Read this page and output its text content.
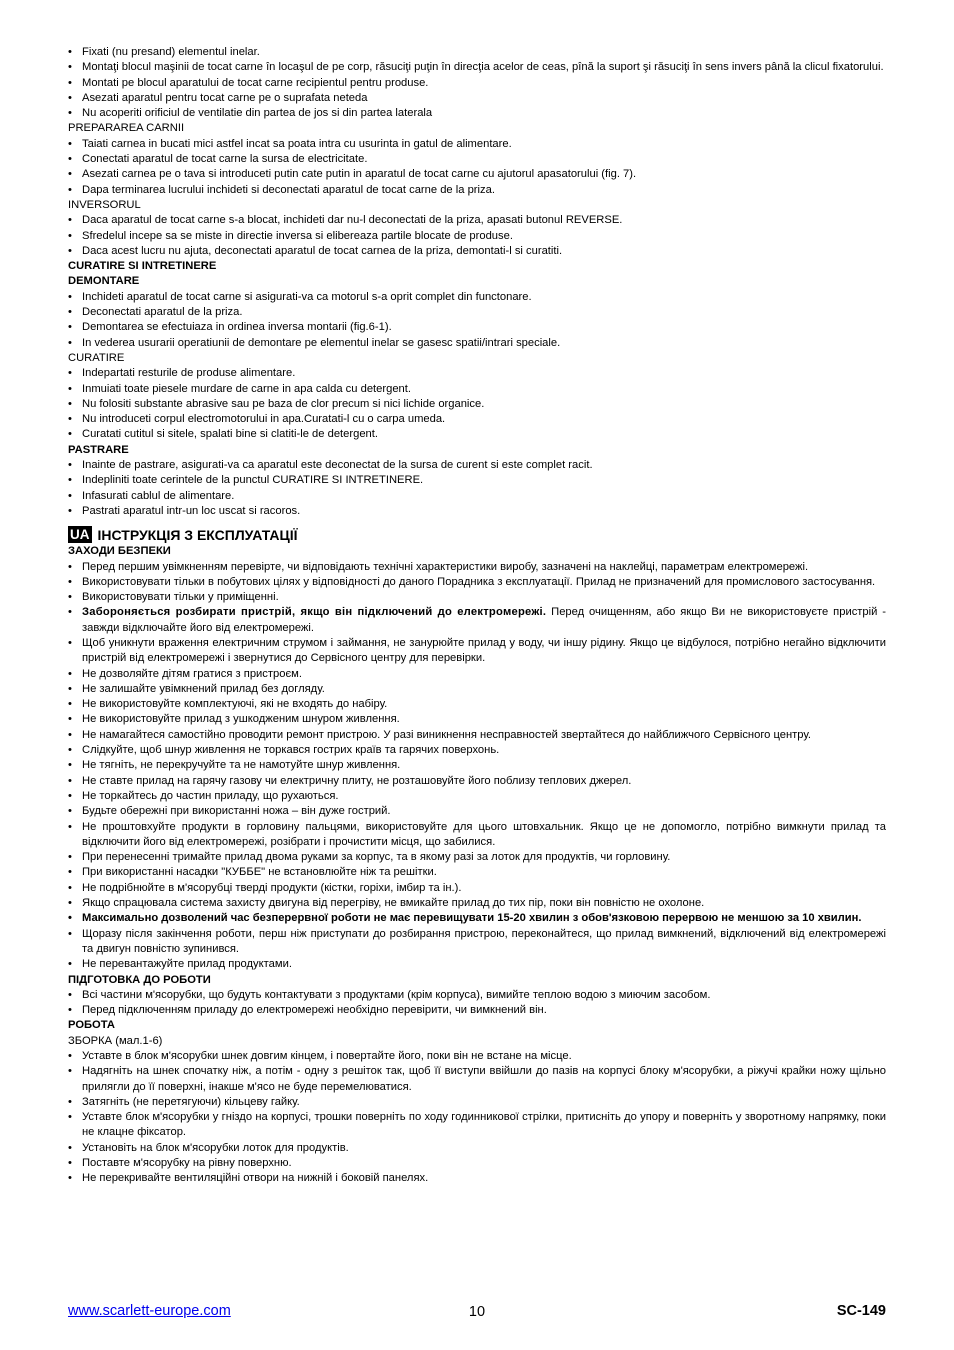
• Fixati (nu presand) elementul inelar.
• Montaţi blocul maşinii de tocat carne în locaşul de pe corp, răsuciţi puţin în direcţia acelor de ceas, pînă la suport şi răsuciţi în sens invers până la clicul fixatorului.
• Montati pe blocul aparatului de tocat carne recipientul pentru produse.
• Asezati aparatul pentru tocat carne pe o suprafata neteda
• Nu acoperiti orificiul de ventilatie din partea de jos si din partea laterala
PREPARAREA CARNII
• Taiati carnea in bucati mici astfel incat sa poata intra cu usurinta in gatul de alimentare.
• Conectati aparatul de tocat carne la sursa de electricitate.
• Asezati carnea pe o tava si introduceti putin cate putin in aparatul de tocat carne cu ajutorul apasatorului (fig. 7).
• Dapa terminarea lucrului inchideti si deconectati aparatul de tocat carne de la priza.
INVERSORUL
• Daca aparatul de tocat carne s-a blocat, inchideti dar nu-l deconectati de la priza, apasati butonul REVERSE.
• Sfredelul incepe sa se miste in directie inversa si elibereaza partile blocate de produse.
• Daca acest lucru nu ajuta, deconectati aparatul de tocat carnea de la priza, demontati-l si curatiti.
CURATIRE SI INTRETINERE
DEMONTARE
• Inchideti aparatul de tocat carne si asigurati-va ca motorul s-a oprit complet din functonare.
• Deconectati aparatul de la priza.
• Demontarea se efectuiaza in ordinea inversa montarii (fig.6-1).
• In vederea usurarii operatiunii de demontare pe elementul inelar se gasesc spatii/intrari speciale.
CURATIRE
• Indepartati resturile de produse alimentare.
• Inmuiati toate piesele murdare de carne in apa calda cu detergent.
• Nu folositi substante abrasive sau pe baza de clor precum si nici lichide organice.
• Nu introduceti corpul electromotorului in apa.Curatati-l cu o carpa umeda.
• Curatati cutitul si sitele, spalati bine si clatiti-le de detergent.
PASTRARE
• Inainte de pastrare, asigurati-va ca aparatul este deconectat de la sursa de curent si este complet racit.
• Indepliniti toate cerintele de la punctul CURATIRE SI INTRETINERE.
• Infasurati cablul de alimentare.
• Pastrati aparatul intr-un loc uscat si racoros.
UA ІНСТРУКЦІЯ З ЕКСПЛУАТАЦІЇ
ЗАХОДИ БЕЗПЕКИ
• Перед першим увімкненням перевірте, чи відповідають технічні характеристики виробу, зазначені на наклейці, параметрам електромережі.
• Використовувати тільки в побутових цілях у відповідності до даного Порадника з експлуатації. Прилад не призначений для промислового застосування.
• Використовувати тільки у приміщенні.
• Забороняється розбирати пристрій, якщо він підключений до електромережі. Перед очищенням, або якщо Ви не використовуєте пристрій - завжди відключайте його від електромережі.
• Щоб уникнути враження електричним струмом і займання, не занурюйте прилад у воду, чи іншу рідину. Якщо це відбулося, потрібно негайно відключити пристрій від електромережі і звернутися до Сервісного центру для перевірки.
• Не дозволяйте дітям гратися з пристроєм.
• Не залишайте увімкнений прилад без догляду.
• Не використовуйте комплектуючі, які не входять до набіру.
• Не використовуйте прилад з ушкодженим шнуром живлення.
• Не намагайтеся самостійно проводити ремонт пристрою. У разі виникнення несправностей звертайтеся до найближчого Сервісного центру.
• Слідкуйте, щоб шнур живлення не торкався гострих країв та гарячих поверхонь.
• Не тягніть, не перекручуйте та не намотуйте шнур живлення.
• Не ставте прилад на гарячу газову чи електричну плиту, не розташовуйте його поблизу теплових джерел.
• Не торкайтесь до частин приладу, що рухаються.
• Будьте обережні при використанні ножа – він дуже гострий.
• Не проштовхуйте продукти в горловину пальцями, використовуйте для цього штовхальник. Якщо це не допомогло, потрібно вимкнути прилад та відключити його від електромережі, розібрати і прочистити місця, що забилися.
• При перенесенні тримайте прилад двома руками за корпус, та в якому разі за лоток для продуктів, чи горловину.
• При використанні насадки "КУББЕ" не встановлюйте ніж та решітки.
• Не подрібнюйте в м'ясорубці тверді продукти (кістки, горіхи, імбир та ін.).
• Якщо спрацювала система захисту двигуна від перегріву, не вмикайте прилад до тих пір, поки він повністю не охолоне.
• Максимально дозволений час безперервної роботи не має перевищувати 15-20 хвилин з обов'язковою перервою не меншою за 10 хвилин.
• Щоразу після закінчення роботи, перш ніж приступати до розбирання пристрою, переконайтеся, що прилад вимкнений, відключений від електромережі та двигун повністю зупинився.
• Не перевантажуйте прилад продуктами.
ПІДГОТОВКА ДО РОБОТИ
• Всі частини м'ясорубки, що будуть контактувати з продуктами (крім корпуса), вимийте теплою водою з миючим засобом.
• Перед підключенням приладу до електромережі необхідно перевірити, чи вимкнений він.
РОБОТА
ЗБОРКА (мал.1-6)
• Уставте в блок м'ясорубки шнек довгим кінцем, і повертайте його, поки він не встане на місце.
• Надягніть на шнек спочатку ніж, а потім - одну з решіток так, щоб її виступи ввійшли до пазів на корпусі блоку м'ясорубки, а ріжучі крайки ножу щільно прилягли до її поверхні, інакше м'ясо не буде перемелюватися.
• Затягніть (не перетягуючи) кільцеву гайку.
• Уставте блок м'ясорубки у гніздо на корпусі, трошки поверніть по ходу годинникової стрілки, притисніть до упору и поверніть у зворотному напрямку, поки не клацне фіксатор.
• Установіть на блок м'ясорубки лоток для продуктів.
• Поставте м'ясорубку на рівну поверхню.
• Не перекривайте вентиляційні отвори на нижній і боковій панелях.
www.scarlett-europe.com	10	SC-149
